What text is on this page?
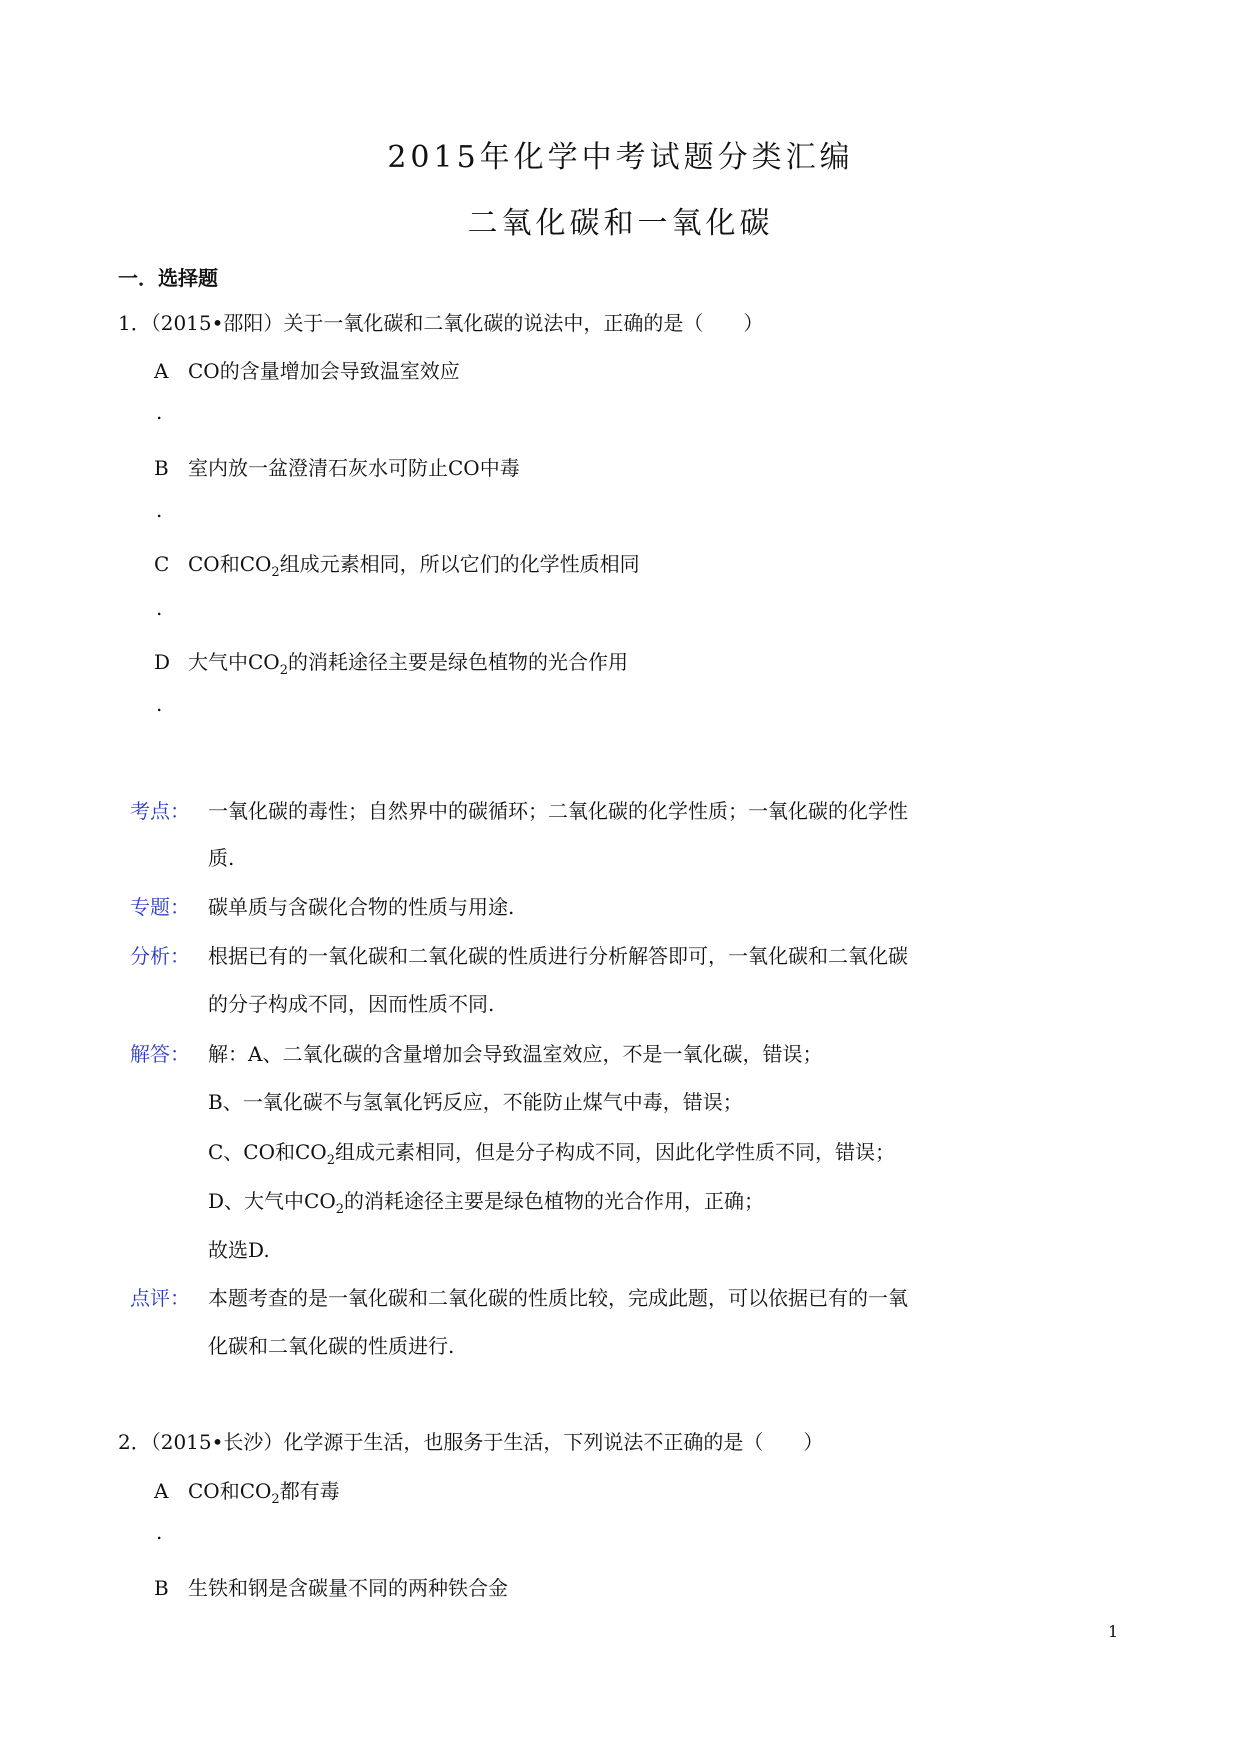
2015年化学中考试题分类汇编
二氧化碳和一氧化碳
一．选择题
1．（2015•邵阳）关于一氧化碳和二氧化碳的说法中，正确的是（　　）
A CO的含量增加会导致温室效应
.
B 室内放一盆澄清石灰水可防止CO中毒
.
C CO和$CO_2$组成元素相同，所以它们的化学性质相同
.
D 大气中$CO_2$的消耗途径主要是绿色植物的光合作用
.
考点： 一氧化碳的毒性；自然界中的碳循环；二氧化碳的化学性质；一氧化碳的化学性
质.
专题： 碳单质与含碳化合物的性质与用途.
分析： 根据已有的一氧化碳和二氧化碳的性质进行分析解答即可，一氧化碳和二氧化碳
的分子构成不同，因而性质不同.
解答： 解：A、二氧化碳的含量增加会导致温室效应，不是一氧化碳，错误；
B、一氧化碳不与氢氧化钙反应，不能防止煤气中毒，错误；
C、CO和$CO_2$组成元素相同，但是分子构成不同，因此化学性质不同，错误；
D、大气中$CO_2$的消耗途径主要是绿色植物的光合作用，正确；
故选D.
点评： 本题考查的是一氧化碳和二氧化碳的性质比较，完成此题，可以依据已有的一氧
化碳和二氧化碳的性质进行.
2．（2015•长沙）化学源于生活，也服务于生活，下列说法不正确的是（　　）
A CO和$CO_2$都有毒
.
B 生铁和钢是含碳量不同的两种铁合金
1
